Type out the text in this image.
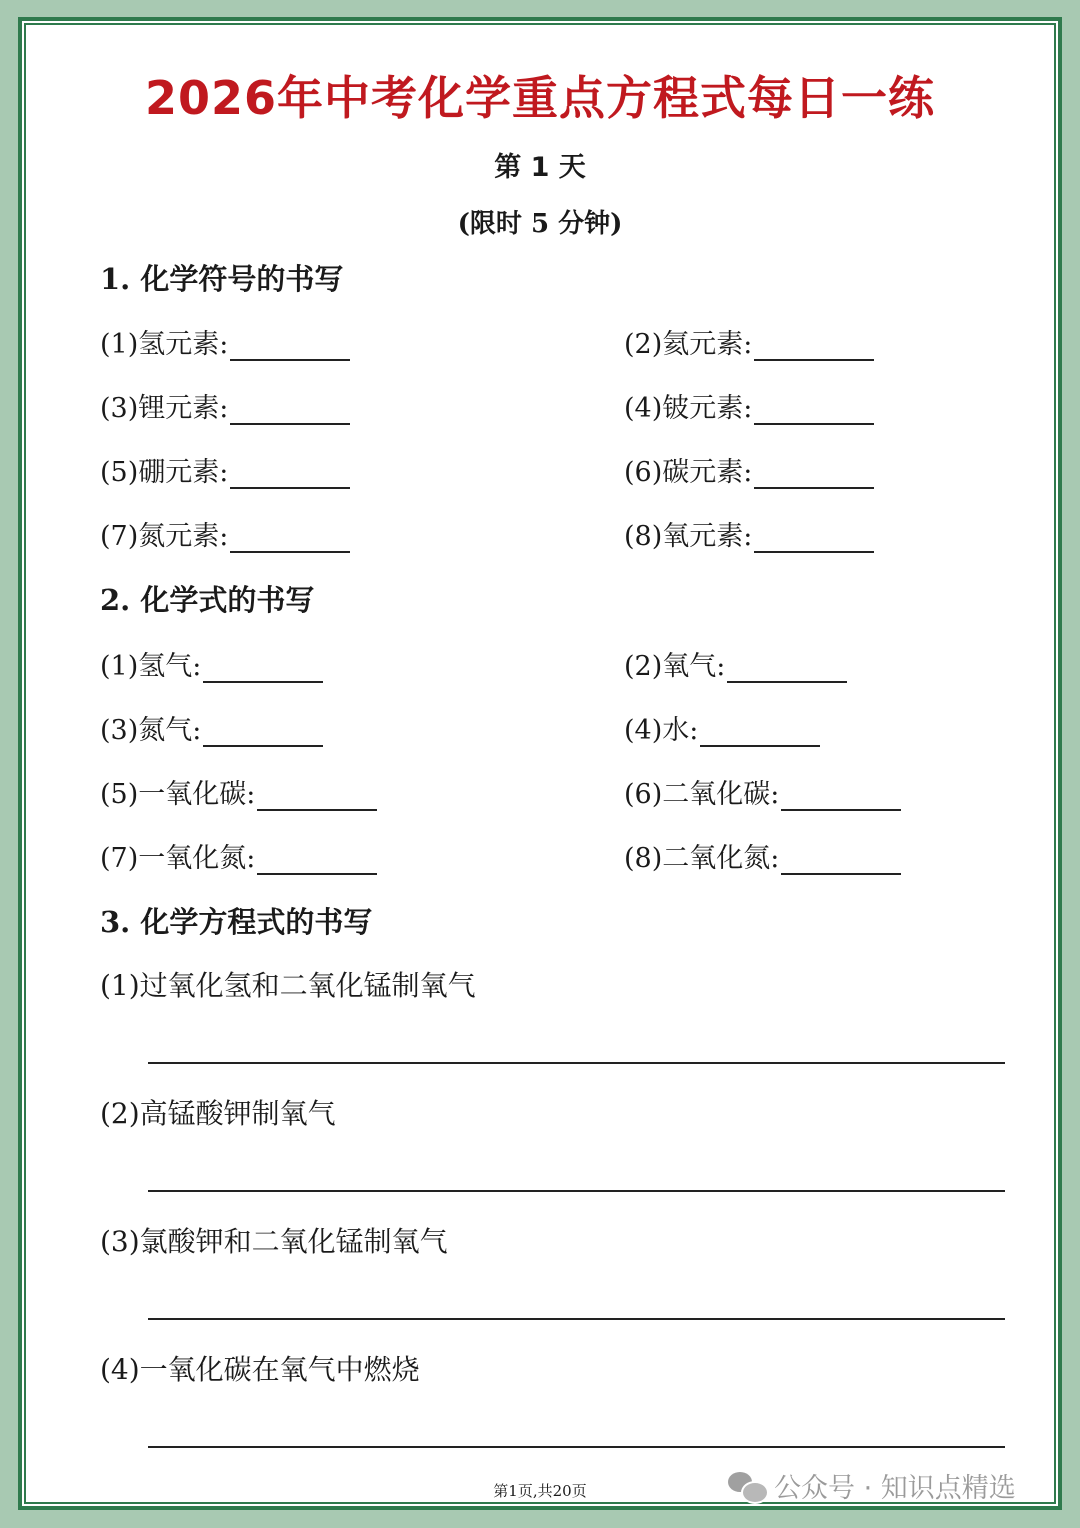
2026年中考化学重点方程式每日一练
第 1 天
(限时 5 分钟)
1. 化学符号的书写
(1)氢元素:	(2)氦元素:
(3)锂元素:	(4)铍元素:
(5)硼元素:	(6)碳元素:
(7)氮元素:	(8)氧元素:
2. 化学式的书写
(1)氢气:	(2)氧气:
(3)氮气:	(4)水:
(5)一氧化碳:	(6)二氧化碳:
(7)一氧化氮:	(8)二氧化氮:
3. 化学方程式的书写
(1)过氧化氢和二氧化锰制氧气
(2)高锰酸钾制氧气
(3)氯酸钾和二氧化锰制氧气
(4)一氧化碳在氧气中燃烧
第1页,共20页	公众号 · 知识点精选
